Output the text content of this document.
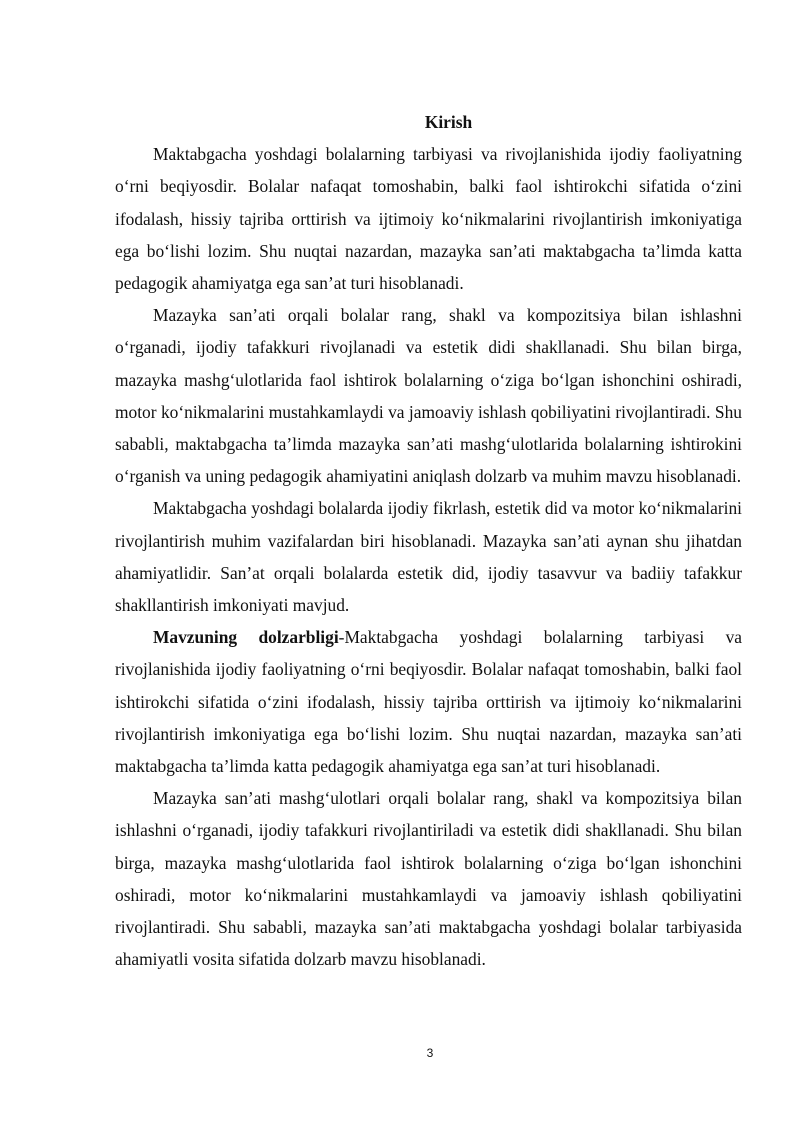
Kirish

Maktabgacha yoshdagi bolalarning tarbiyasi va rivojlanishida ijodiy faoliyatning o‘rni beqiyosdir. Bolalar nafaqat tomoshabin, balki faol ishtirokchi sifatida o‘zini ifodalash, hissiy tajriba orttirish va ijtimoiy ko‘nikmalarini rivojlantirish imkoniyatiga ega bo‘lishi lozim. Shu nuqtai nazardan, mazayka san’ati maktabgacha ta’limda katta pedagogik ahamiyatga ega san’at turi hisoblanadi.

Mazayka san’ati orqali bolalar rang, shakl va kompozitsiya bilan ishlashni o‘rganadi, ijodiy tafakkuri rivojlanadi va estetik didi shakllanadi. Shu bilan birga, mazayka mashg‘ulotlarida faol ishtirok bolalarning o‘ziga bo‘lgan ishonchini oshiradi, motor ko‘nikmalarini mustahkamlaydi va jamoaviy ishlash qobiliyatini rivojlantiradi. Shu sababli, maktabgacha ta’limda mazayka san’ati mashg‘ulotlarida bolalarning ishtirokini o‘rganish va uning pedagogik ahamiyatini aniqlash dolzarb va muhim mavzu hisoblanadi.

Maktabgacha yoshdagi bolalarda ijodiy fikrlash, estetik did va motor ko‘nikmalarini rivojlantirish muhim vazifalardan biri hisoblanadi. Mazayka san’ati aynan shu jihatdan ahamiyatlidir. San’at orqali bolalarda estetik did, ijodiy tasavvur va badiiy tafakkur shakllantirish imkoniyati mavjud.

Mavzuning dolzarbligi-Maktabgacha yoshdagi bolalarning tarbiyasi va rivojlanishida ijodiy faoliyatning o‘rni beqiyosdir. Bolalar nafaqat tomoshabin, balki faol ishtirokchi sifatida o‘zini ifodalash, hissiy tajriba orttirish va ijtimoiy ko‘nikmalarini rivojlantirish imkoniyatiga ega bo‘lishi lozim. Shu nuqtai nazardan, mazayka san’ati maktabgacha ta’limda katta pedagogik ahamiyatga ega san’at turi hisoblanadi.

Mazayka san’ati mashg‘ulotlari orqali bolalar rang, shakl va kompozitsiya bilan ishlashni o‘rganadi, ijodiy tafakkuri rivojlantiriladi va estetik didi shakllanadi. Shu bilan birga, mazayka mashg‘ulotlarida faol ishtirok bolalarning o‘ziga bo‘lgan ishonchini oshiradi, motor ko‘nikmalarini mustahkamlaydi va jamoaviy ishlash qobiliyatini rivojlantiradi. Shu sababli, mazayka san’ati maktabgacha yoshdagi bolalar tarbiyasida ahamiyatli vosita sifatida dolzarb mavzu hisoblanadi.

3
